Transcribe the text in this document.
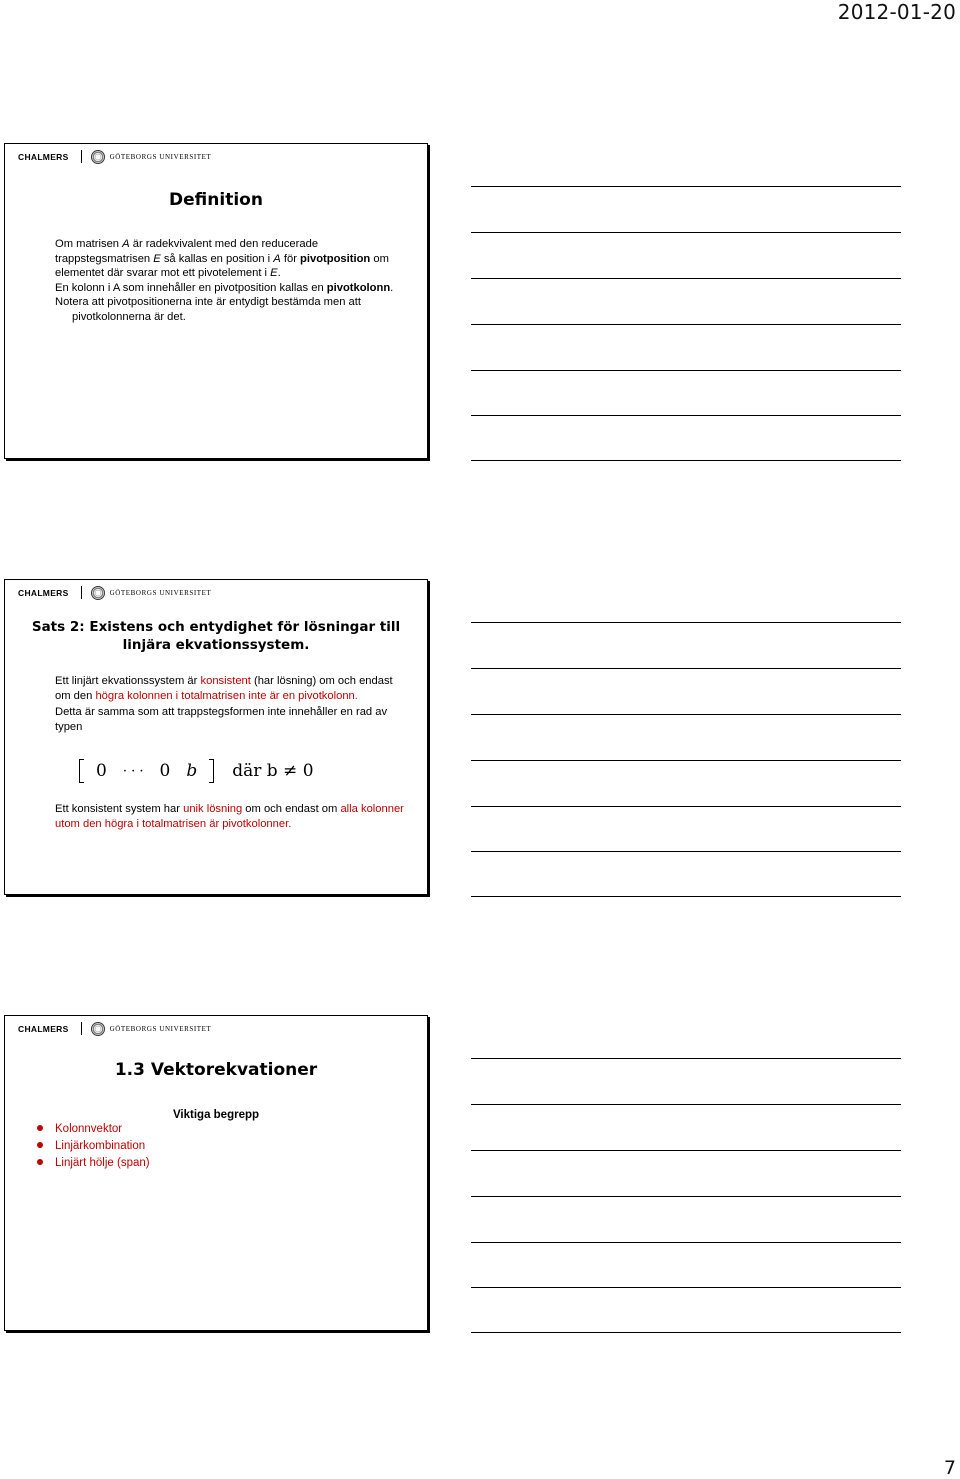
2012-01-20
CHALMERS	GÖTEBORGS UNIVERSITET
Definition

Om matrisen A är radekvivalent med den reducerade trappstegsmatrisen E så kallas en position i A för pivotposition om elementet där svarar mot ett pivotelement i E.

En kolonn i A som innehåller en pivotposition kallas en pivotkolonn.

Notera att pivotpositionerna inte är entydigt bestämda men att pivotkolonnerna är det.

CHALMERS	GÖTEBORGS UNIVERSITET
Sats 2: Existens och entydighet för lösningar till linjära ekvationssystem.

Ett linjärt ekvationssystem är konsistent (har lösning) om och endast om den högra kolonnen i totalmatrisen inte är en pivotkolonn.

Detta är samma som att trappstegsformen inte innehåller en rad av typen

0 · · · 0 b där b ≠ 0

Ett konsistent system har unik lösning om och endast om alla kolonner utom den högra i totalmatrisen är pivotkolonner.

CHALMERS	GÖTEBORGS UNIVERSITET
1.3 Vektorekvationer
Viktiga begrepp
Kolonnvektor
Linjärkombination
Linjärt hölje (span)
7
